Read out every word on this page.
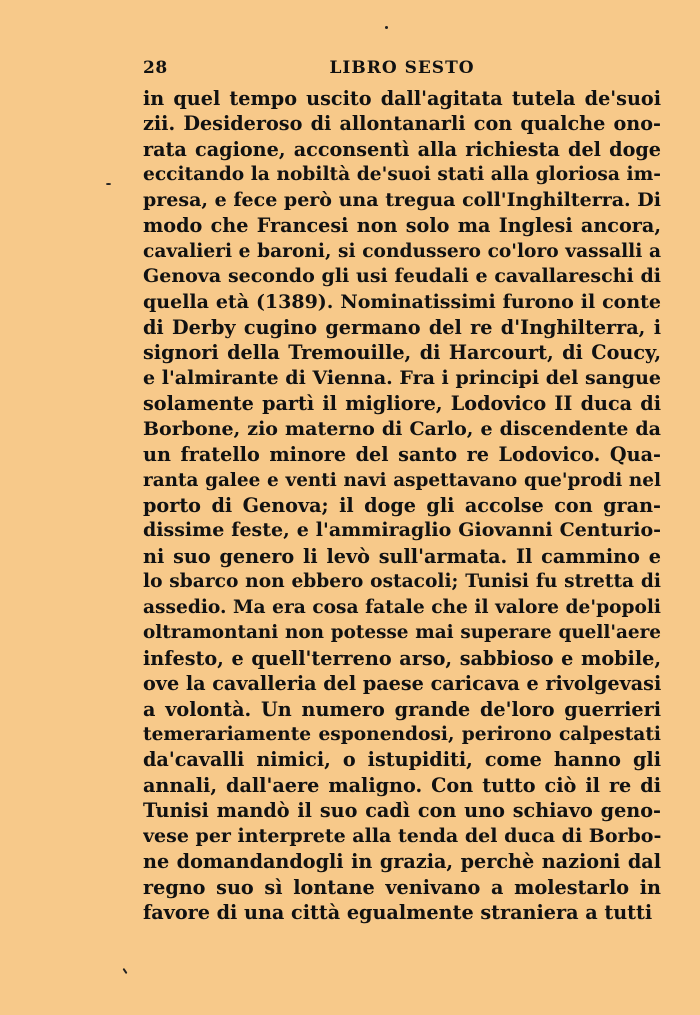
28	LIBRO SESTO
in quel tempo uscito dall'agitata tutela de'suoi
zii. Desideroso di allontanarli con qualche ono-
rata cagione, acconsentì alla richiesta del doge
eccitando la nobiltà de'suoi stati alla gloriosa im-
presa, e fece però una tregua coll'Inghilterra. Di
modo che Francesi non solo ma Inglesi ancora,
cavalieri e baroni, si condussero co'loro vassalli a
Genova secondo gli usi feudali e cavallareschi di
quella età (1389). Nominatissimi furono il conte
di Derby cugino germano del re d'Inghilterra, i
signori della Tremouille, di Harcourt, di Coucy,
e l'almirante di Vienna. Fra i principi del sangue
solamente partì il migliore, Lodovico II duca di
Borbone, zio materno di Carlo, e discendente da
un fratello minore del santo re Lodovico. Qua-
ranta galee e venti navi aspettavano que'prodi nel
porto di Genova; il doge gli accolse con gran-
dissime feste, e l'ammiraglio Giovanni Centurio-
ni suo genero li levò sull'armata. Il cammino e
lo sbarco non ebbero ostacoli; Tunisi fu stretta di
assedio. Ma era cosa fatale che il valore de'popoli
oltramontani non potesse mai superare quell'aere
infesto, e quell'terreno arso, sabbioso e mobile,
ove la cavalleria del paese caricava e rivolgevasi
a volontà. Un numero grande de'loro guerrieri
temerariamente esponendosi, perirono calpestati
da'cavalli nimici, o istupiditi, come hanno gli
annali, dall'aere maligno. Con tutto ciò il re di
Tunisi mandò il suo cadì con uno schiavo geno-
vese per interprete alla tenda del duca di Borbo-
ne domandandogli in grazia, perchè nazioni dal
regno suo sì lontane venivano a molestarlo in
favore di una città egualmente straniera a tutti
